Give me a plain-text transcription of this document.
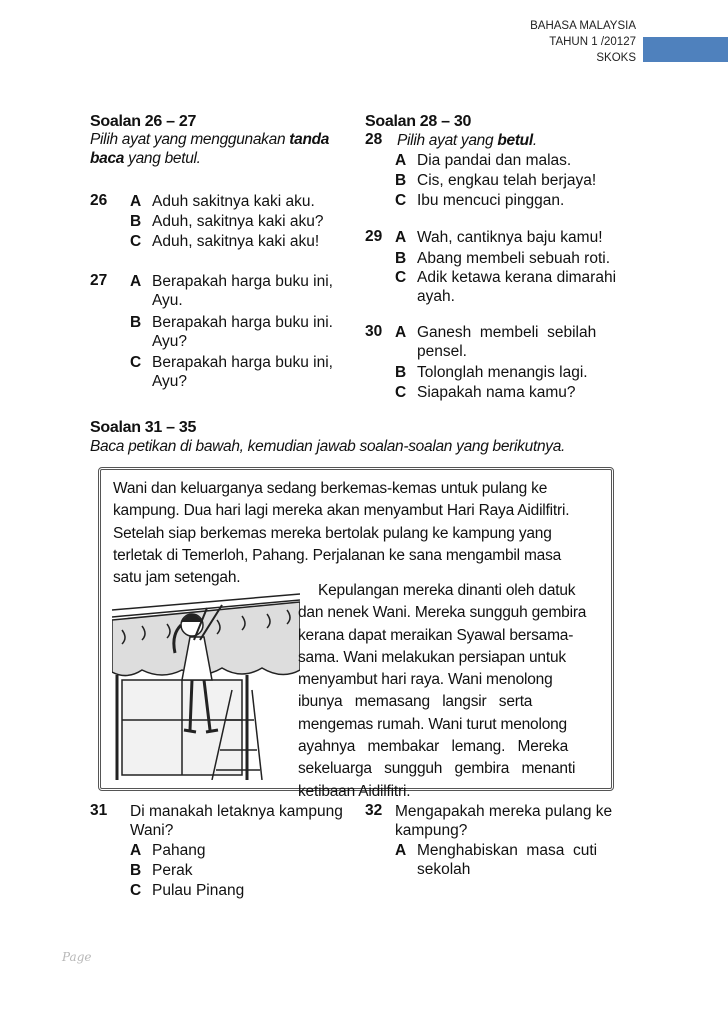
BAHASA MALAYSIA
TAHUN 1 /20127
SKOKS
Soalan 26 – 27
Pilih ayat yang menggunakan tanda
baca yang betul.
26 A Aduh sakitnya kaki aku.
B Aduh, sakitnya kaki aku?
C Aduh, sakitnya kaki aku!
27 A Berapakah harga buku ini,
Ayu.
B Berapakah harga buku ini.
Ayu?
C Berapakah harga buku ini,
Ayu?
Soalan 28 – 30
28 Pilih ayat yang betul.
A Dia pandai dan malas.
B Cis, engkau telah berjaya!
C Ibu mencuci pinggan.
29 A Wah, cantiknya baju kamu!
B Abang membeli sebuah roti.
C Adik ketawa kerana dimarahi
ayah.
30 A Ganesh  membeli  sebilah
pensel.
B Tolonglah menangis lagi.
C Siapakah nama kamu?
Soalan 31 – 35
Baca petikan di bawah, kemudian jawab soalan-soalan yang berikutnya.
Wani dan keluarganya sedang berkemas-kemas untuk pulang ke
kampung. Dua hari lagi mereka akan menyambut Hari Raya Aidilfitri.
Setelah siap berkemas mereka bertolak pulang ke kampung yang
terletak di Temerloh, Pahang. Perjalanan ke sana mengambil masa
satu jam setengah.
Kepulangan mereka dinanti oleh datuk
dan nenek Wani. Mereka sungguh gembira
kerana dapat meraikan Syawal bersama-
sama. Wani melakukan persiapan untuk
menyambut hari raya. Wani menolong
ibunya   memasang   langsir   serta
mengemas rumah. Wani turut menolong
ayahnya   membakar   lemang.   Mereka
sekeluarga   sungguh   gembira   menanti
ketibaan Aidilfitri.
31 Di manakah letaknya kampung
Wani?
A Pahang
B Perak
C Pulau Pinang
32 Mengapakah mereka pulang ke
kampung?
A Menghabiskan  masa  cuti
sekolah
Page
